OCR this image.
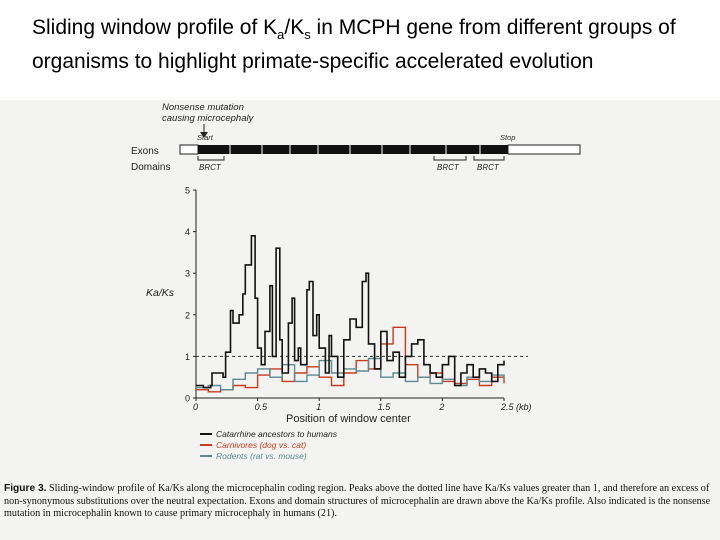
Sliding window profile of $K_a/K_s$ in MCPH gene from different groups of organisms to highlight primate-specific accelerated evolution
Nonsense mutation
causing microcephaly
Start	Stop
Exons
Domains	BRCT	BRCT BRCT
Ka/Ks
Position of window center
0
1
2
3
4
5
0	0.5	1	1.5	2	2.5 (kb)
Catarrhine ancestors to humans
Carnivores (dog vs. cat)
Rodents (rat vs. mouse)
Figure 3. Sliding-window profile of Ka/Ks along the microcephalin coding region. Peaks above the dotted line have Ka/Ks values greater than 1, and therefore an excess of non-synonymous substitutions over the neutral expectation. Exons and domain structures of microcephalin are drawn above the Ka/Ks profile. Also indicated is the nonsense mutation in microcephalin known to cause primary microcephaly in humans (21).
